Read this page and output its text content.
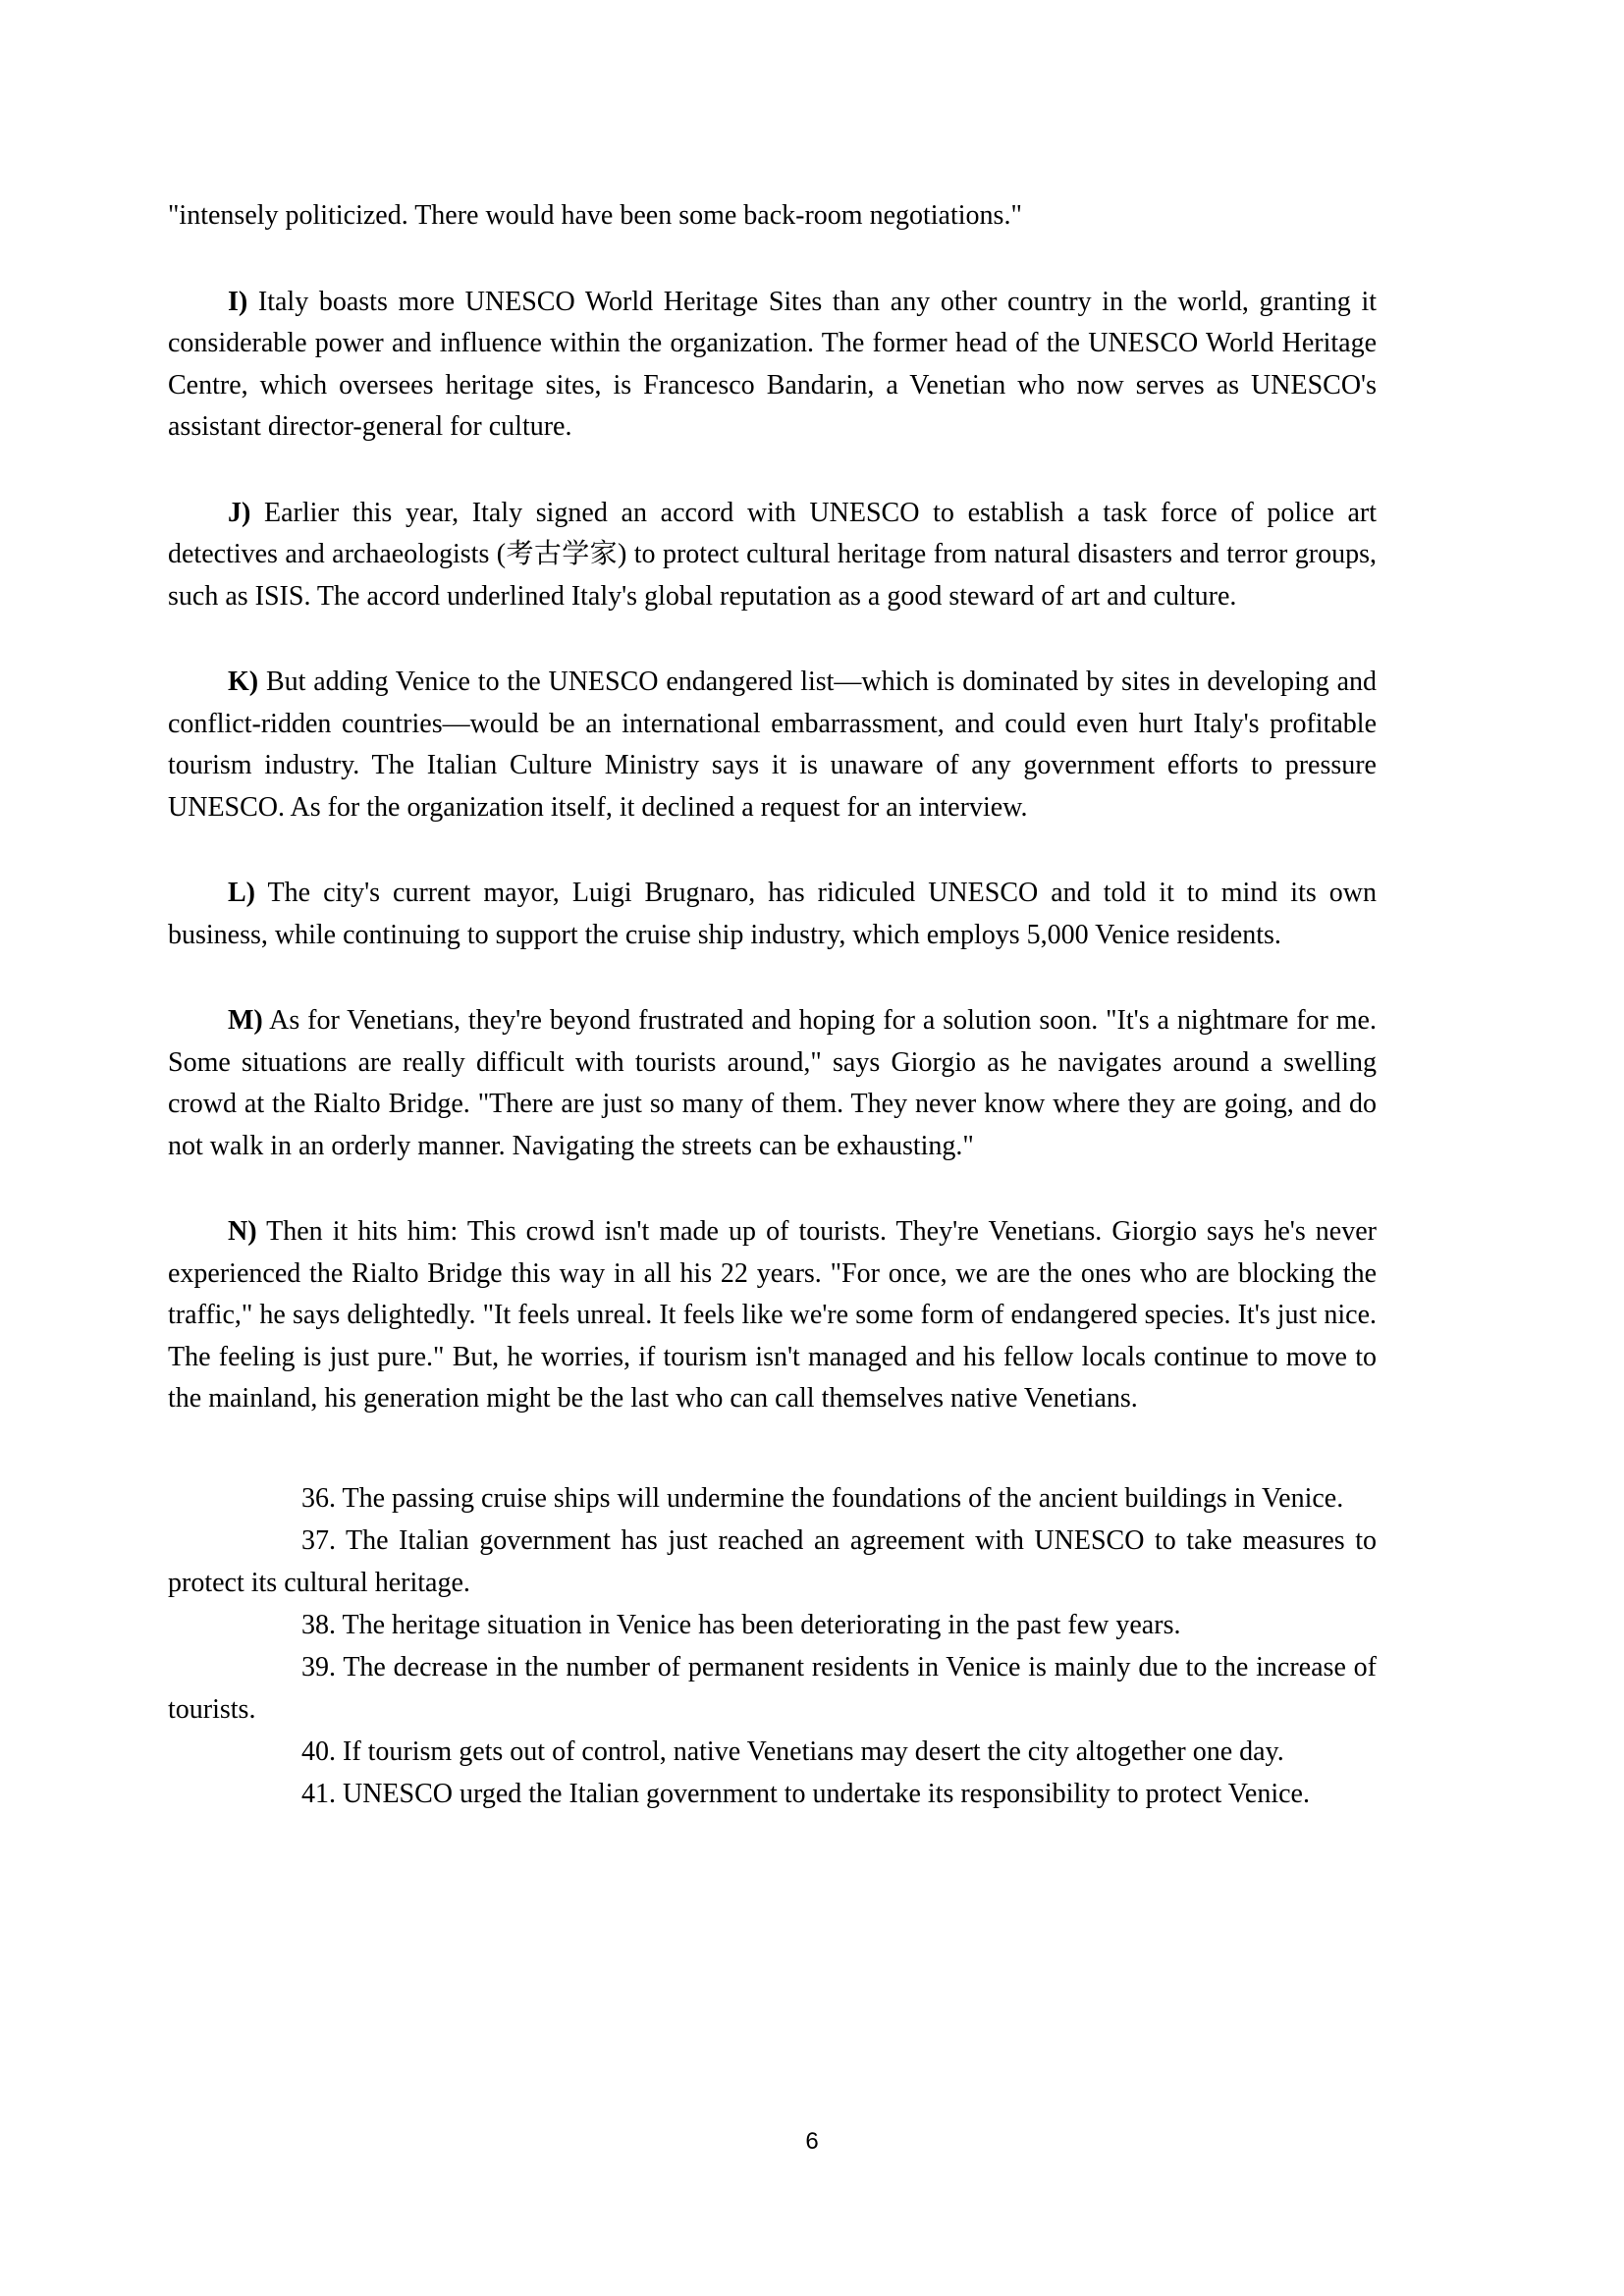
"intensely politicized. There would have been some back-room negotiations."

I) Italy boasts more UNESCO World Heritage Sites than any other country in the world, granting it considerable power and influence within the organization. The former head of the UNESCO World Heritage Centre, which oversees heritage sites, is Francesco Bandarin, a Venetian who now serves as UNESCO's assistant director-general for culture.

J) Earlier this year, Italy signed an accord with UNESCO to establish a task force of police art detectives and archaeologists (考古学家) to protect cultural heritage from natural disasters and terror groups, such as ISIS. The accord underlined Italy's global reputation as a good steward of art and culture.

K) But adding Venice to the UNESCO endangered list—which is dominated by sites in developing and conflict-ridden countries—would be an international embarrassment, and could even hurt Italy's profitable tourism industry. The Italian Culture Ministry says it is unaware of any government efforts to pressure UNESCO. As for the organization itself, it declined a request for an interview.

L) The city's current mayor, Luigi Brugnaro, has ridiculed UNESCO and told it to mind its own business, while continuing to support the cruise ship industry, which employs 5,000 Venice residents.

M) As for Venetians, they're beyond frustrated and hoping for a solution soon. "It's a nightmare for me. Some situations are really difficult with tourists around," says Giorgio as he navigates around a swelling crowd at the Rialto Bridge. "There are just so many of them. They never know where they are going, and do not walk in an orderly manner. Navigating the streets can be exhausting."

N) Then it hits him: This crowd isn't made up of tourists. They're Venetians. Giorgio says he's never experienced the Rialto Bridge this way in all his 22 years. "For once, we are the ones who are blocking the traffic," he says delightedly. "It feels unreal. It feels like we're some form of endangered species. It's just nice. The feeling is just pure." But, he worries, if tourism isn't managed and his fellow locals continue to move to the mainland, his generation might be the last who can call themselves native Venetians.

36. The passing cruise ships will undermine the foundations of the ancient buildings in Venice.

37. The Italian government has just reached an agreement with UNESCO to take measures to protect its cultural heritage.

38. The heritage situation in Venice has been deteriorating in the past few years.

39. The decrease in the number of permanent residents in Venice is mainly due to the increase of tourists.

40. If tourism gets out of control, native Venetians may desert the city altogether one day.

41. UNESCO urged the Italian government to undertake its responsibility to protect Venice.

6
